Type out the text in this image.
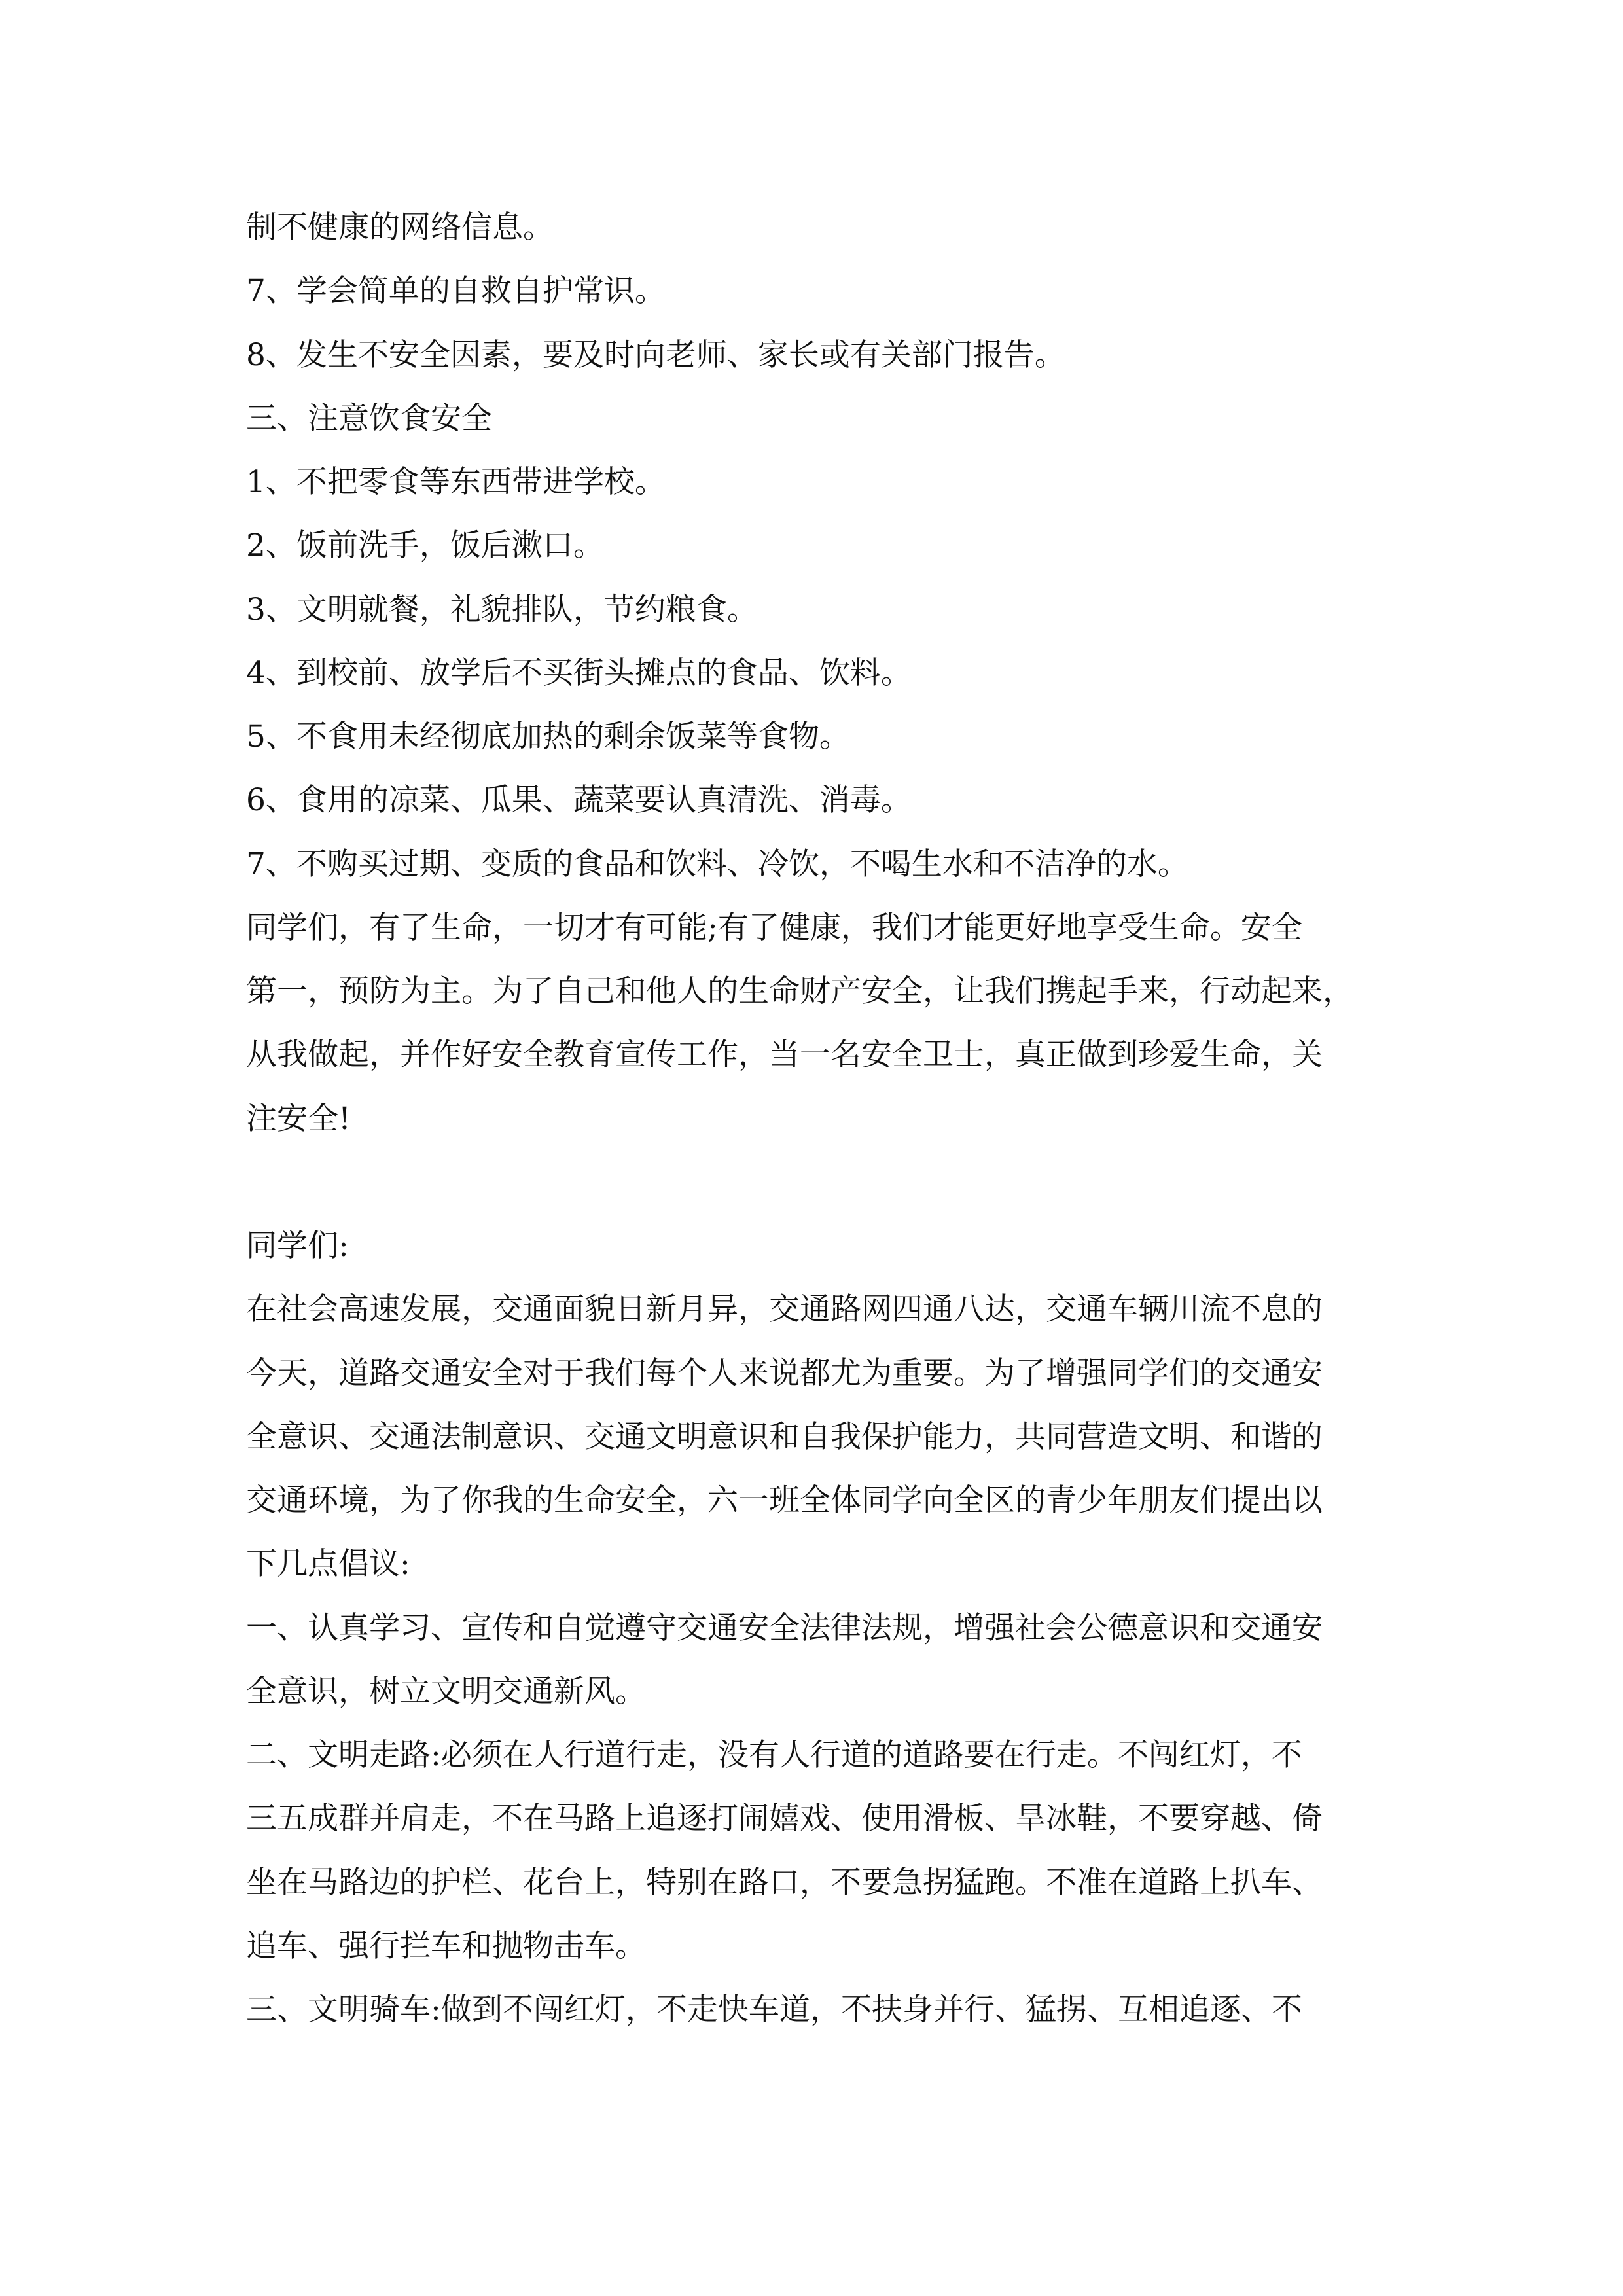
制不健康的网络信息。

7、学会简单的自救自护常识。

8、发生不安全因素，要及时向老师、家长或有关部门报告。

三、注意饮食安全

1、不把零食等东西带进学校。

2、饭前洗手，饭后漱口。

3、文明就餐，礼貌排队，节约粮食。

4、到校前、放学后不买街头摊点的食品、饮料。

5、不食用未经彻底加热的剩余饭菜等食物。

6、食用的凉菜、瓜果、蔬菜要认真清洗、消毒。

7、不购买过期、变质的食品和饮料、冷饮，不喝生水和不洁净的水。

同学们，有了生命，一切才有可能;有了健康，我们才能更好地享受生命。安全

第一，预防为主。为了自己和他人的生命财产安全，让我们携起手来，行动起来，

从我做起，并作好安全教育宣传工作，当一名安全卫士，真正做到珍爱生命，关

注安全!

同学们:

在社会高速发展，交通面貌日新月异，交通路网四通八达，交通车辆川流不息的

今天，道路交通安全对于我们每个人来说都尤为重要。为了增强同学们的交通安

全意识、交通法制意识、交通文明意识和自我保护能力，共同营造文明、和谐的

交通环境，为了你我的生命安全，六一班全体同学向全区的青少年朋友们提出以

下几点倡议:

一、认真学习、宣传和自觉遵守交通安全法律法规，增强社会公德意识和交通安

全意识，树立文明交通新风。

二、文明走路:必须在人行道行走，没有人行道的道路要在行走。不闯红灯，不

三五成群并肩走，不在马路上追逐打闹嬉戏、使用滑板、旱冰鞋，不要穿越、倚

坐在马路边的护栏、花台上，特别在路口，不要急拐猛跑。不准在道路上扒车、

追车、强行拦车和抛物击车。

三、文明骑车:做到不闯红灯，不走快车道，不扶身并行、猛拐、互相追逐、不
